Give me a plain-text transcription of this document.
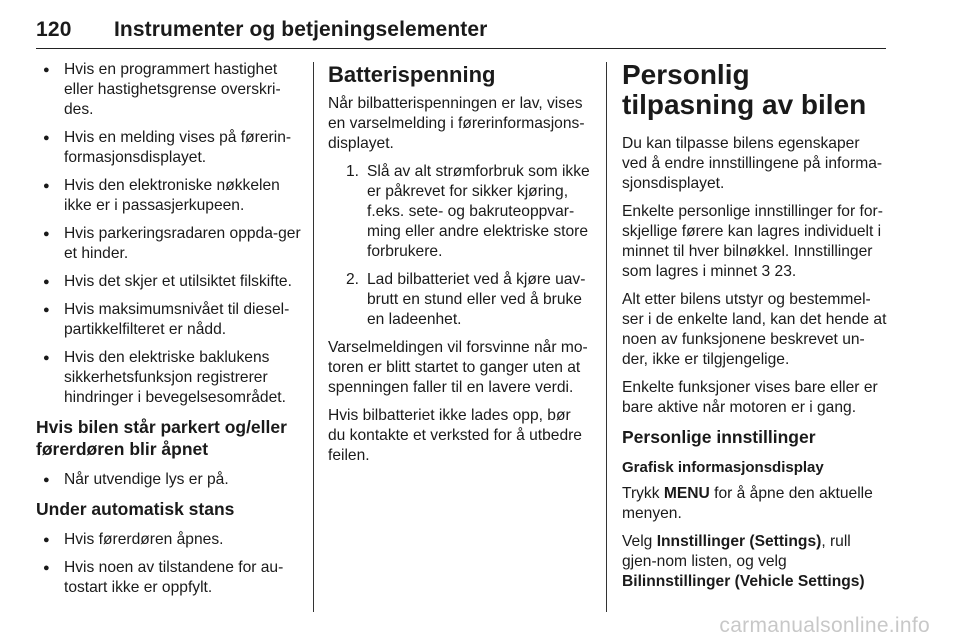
120 Instrumenter og betjeningselementer
● Hvis en programmert hastighet eller hastighetsgrense overskri-des.
● Hvis en melding vises på førerin-formasjonsdisplayet.
● Hvis den elektroniske nøkkelen ikke er i passasjerkupeen.
● Hvis parkeringsradaren oppda-ger et hinder.
● Hvis det skjer et utilsiktet filskifte.
● Hvis maksimumsnivået til diesel-partikkelfilteret er nådd.
● Hvis den elektriske baklukens sikkerhetsfunksjon registrerer hindringer i bevegelsesområdet.
Hvis bilen står parkert og/eller førerdøren blir åpnet
● Når utvendige lys er på.
Under automatisk stans
● Hvis førerdøren åpnes.
● Hvis noen av tilstandene for au-tostart ikke er oppfylt.
Batterispenning

Når bilbatterispenningen er lav, vises en varselmelding i førerinformasjons-displayet.

1. Slå av alt strømforbruk som ikke er påkrevet for sikker kjøring, f.eks. sete- og bakruteoppvar-ming eller andre elektriske store forbrukere.
2. Lad bilbatteriet ved å kjøre uav-brutt en stund eller ved å bruke en ladeenhet.

Varselmeldingen vil forsvinne når mo-toren er blitt startet to ganger uten at spenningen faller til en lavere verdi.

Hvis bilbatteriet ikke lades opp, bør du kontakte et verksted for å utbedre feilen.

Personlig tilpasning av bilen

Du kan tilpasse bilens egenskaper ved å endre innstillingene på informa-sjonsdisplayet.

Enkelte personlige innstillinger for for-skjellige førere kan lagres individuelt i minnet til hver bilnøkkel. Innstillinger som lagres i minnet 3 23.

Alt etter bilens utstyr og bestemmel-ser i de enkelte land, kan det hende at noen av funksjonene beskrevet un-der, ikke er tilgjengelige.

Enkelte funksjoner vises bare eller er bare aktive når motoren er i gang.

Personlige innstillinger
Grafisk informasjonsdisplay

Trykk MENU for å åpne den aktuelle menyen.

Velg Innstillinger (Settings), rull gjen-nom listen, og velg Bilinnstillinger (Vehicle Settings)

carmanualsonline.info
